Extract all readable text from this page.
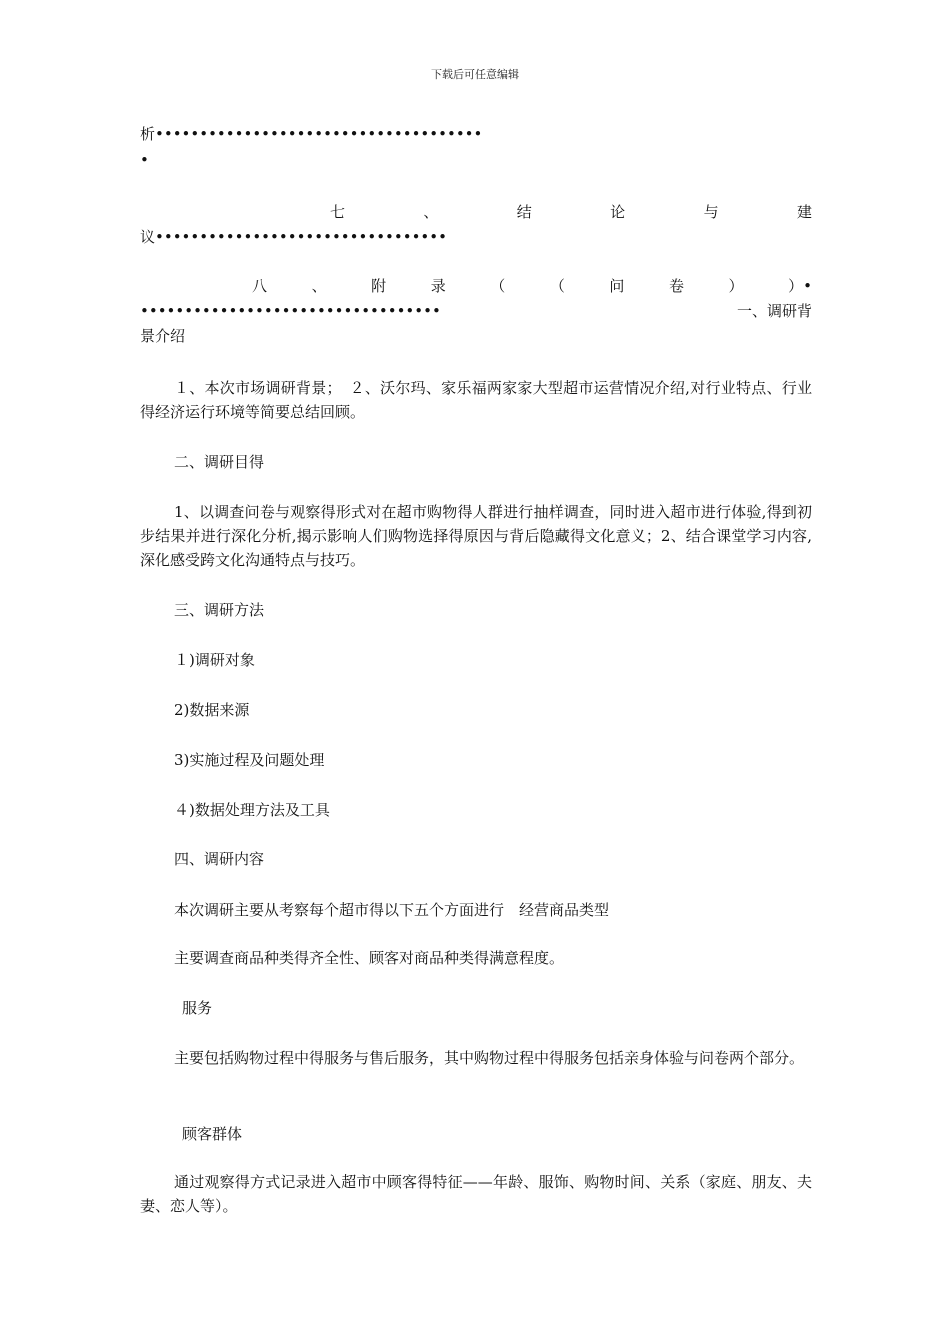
下载后可任意编辑
析•••••••••••••••••••••••••••••••••••••
•
七	、	结	论	与	建
议•••••••••••••••••••••••••••••••••
八	、	附	录	（	（	问	卷	）	）•
••••••••••••••••••••••••••••••••••	一、调研背
景介绍
１、本次市场调研背景；　２、沃尔玛、家乐福两家家大型超市运营情况介绍,对行业特点、行业得经济运行环境等简要总结回顾。
二、调研目得
1、以调查问卷与观察得形式对在超市购物得人群进行抽样调查，同时进入超市进行体验,得到初步结果并进行深化分析,揭示影响人们购物选择得原因与背后隐藏得文化意义；2、结合课堂学习内容,深化感受跨文化沟通特点与技巧。
三、调研方法
１)调研对象
2)数据来源
3)实施过程及问题处理
４)数据处理方法及工具
四、调研内容
本次调研主要从考察每个超市得以下五个方面进行　经营商品类型
主要调查商品种类得齐全性、顾客对商品种类得满意程度。
服务
主要包括购物过程中得服务与售后服务，其中购物过程中得服务包括亲身体验与问卷两个部分。
顾客群体
通过观察得方式记录进入超市中顾客得特征——年龄、服饰、购物时间、关系（家庭、朋友、夫妻、恋人等）。
